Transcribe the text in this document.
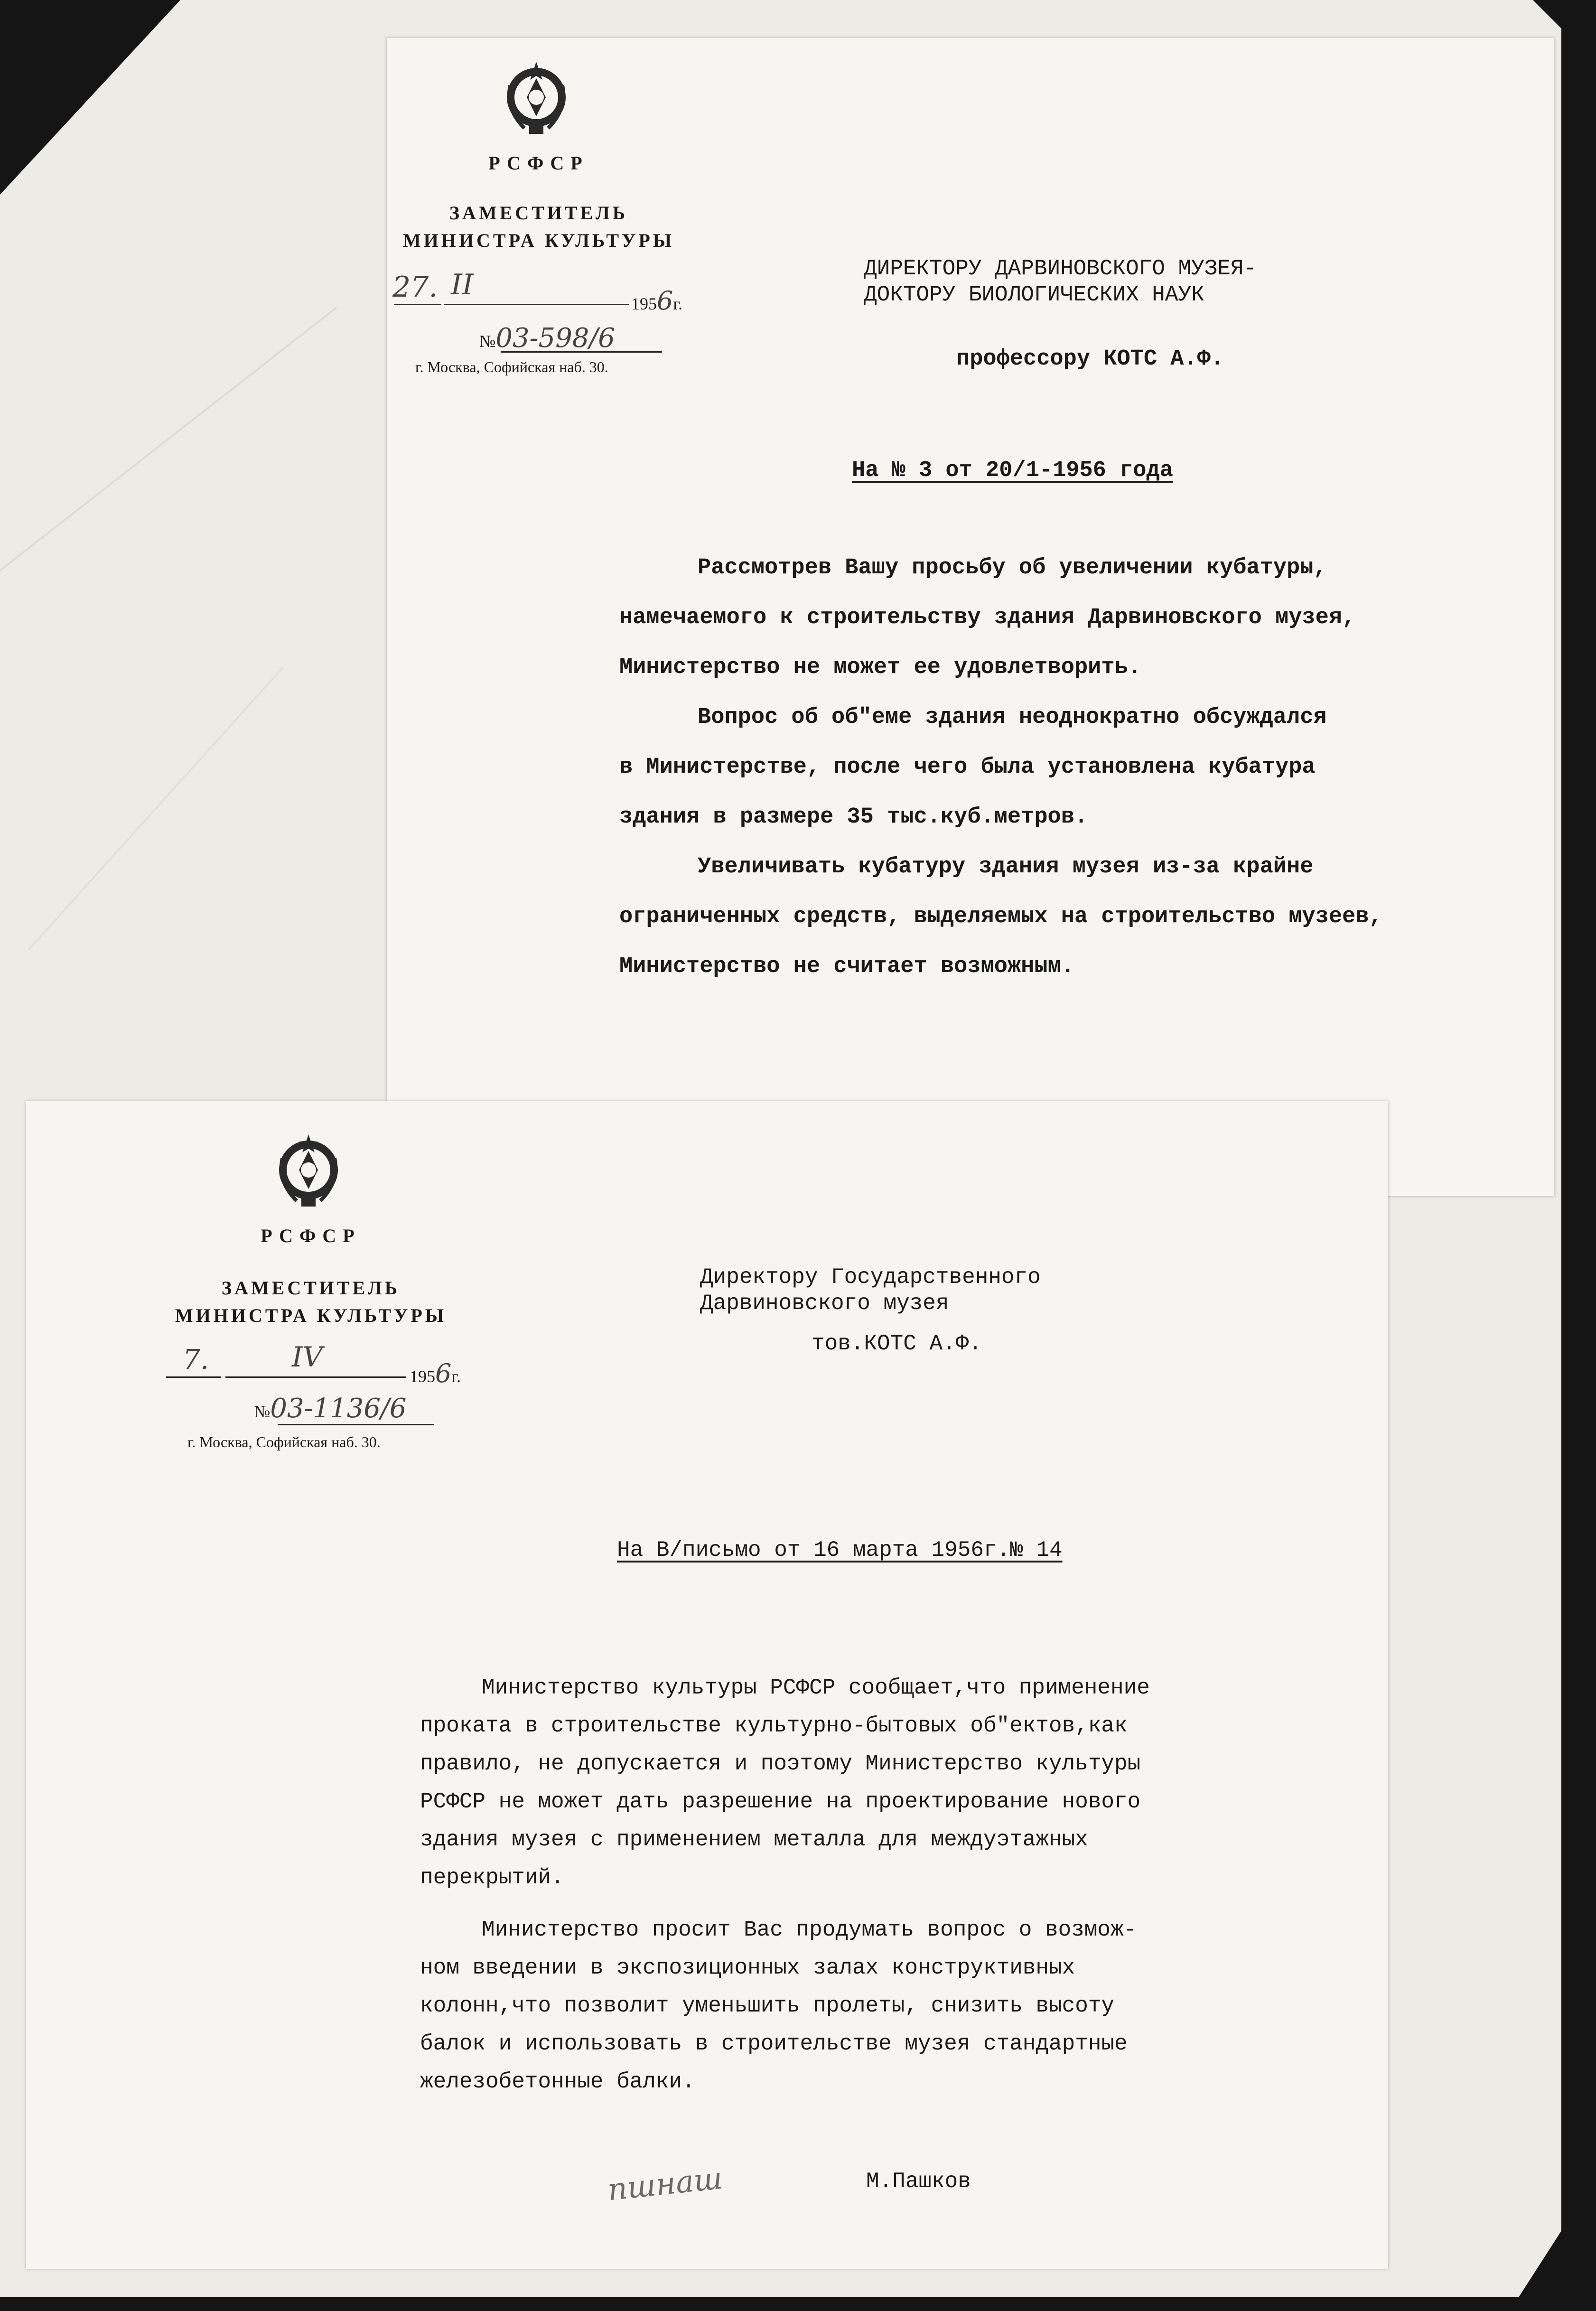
РСФСР
ЗАМЕСТИТЕЛЬ
МИНИСТРА КУЛЬТУРЫ
27. II
1956г.
№03-598/6
г. Москва, Софийская наб. 30.
ДИРЕКТОРУ ДАРВИНОВСКОГО МУЗЕЯ-
ДОКТОРУ БИОЛОГИЧЕСКИХ НАУК
профессору КОТС А.Ф.
На № 3 от 20/1-1956 года
Рассмотрев Вашу просьбу об увеличении кубатуры,
намечаемого к строительству здания Дарвиновского музея,
Министерство не может ее удовлетворить.
Вопрос об об"еме здания неоднократно обсуждался
в Министерстве, после чего была установлена кубатура
здания в размере 35 тыс.куб.метров.
Увеличивать кубатуру здания музея из-за крайне
ограниченных средств, выделяемых на строительство музеев,
Министерство не считает возможным.
РСФСР
ЗАМЕСТИТЕЛЬ
МИНИСТРА КУЛЬТУРЫ
7.	IV
1956г.
№03-1136/6
г. Москва, Софийская наб. 30.
Директору Государственного
Дарвиновского музея
тов.КОТС А.Ф.
На В/письмо от 16 марта 1956г.№ 14
Министерство культуры РСФСР сообщает,что применение
проката в строительстве культурно-бытовых об"ектов,как
правило, не допускается и поэтому Министерство культуры
РСФСР не может дать разрешение на проектирование нового
здания музея с применением металла для междуэтажных
перекрытий.
Министерство просит Вас продумать вопрос о возмож-
ном введении в экспозиционных залах конструктивных
колонн,что позволит уменьшить пролеты, снизить высоту
балок и использовать в строительстве музея стандартные
железобетонные балки.
пшнаш	М.Пашков
